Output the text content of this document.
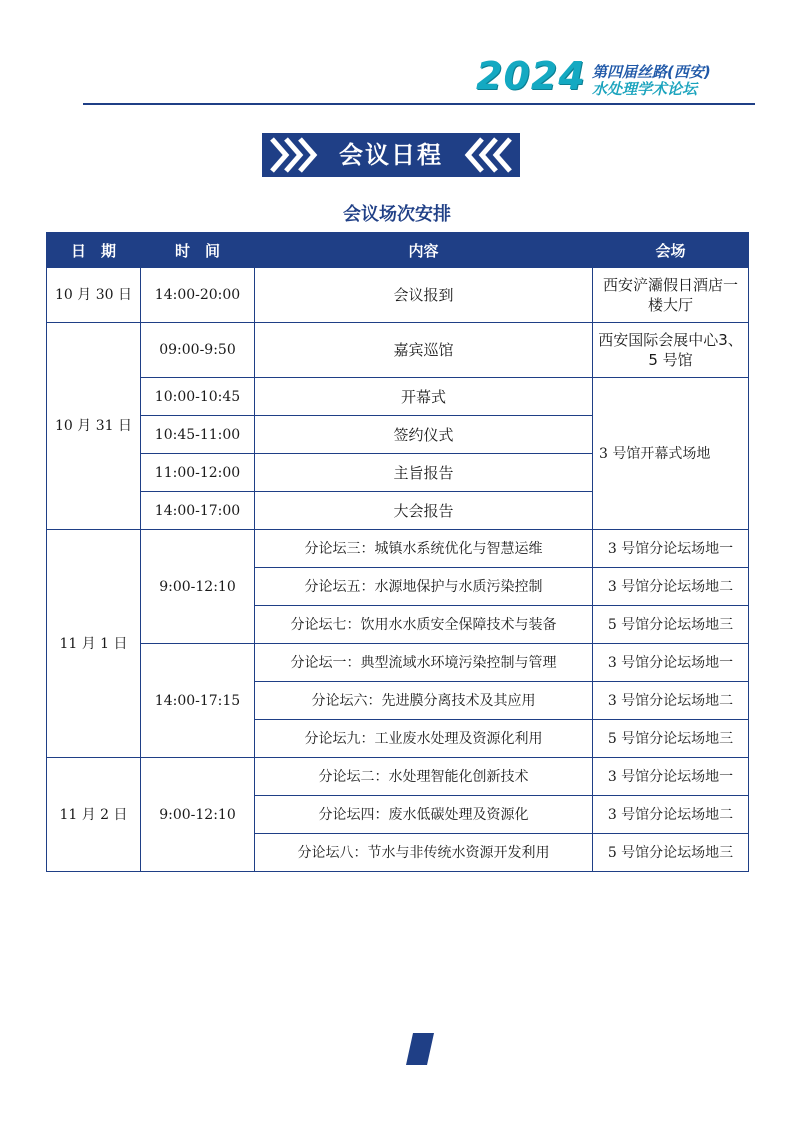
2024 第四届丝路(西安)
水处理学术论坛
会议日程
会议场次安排
日　期	时　间	内容	会场
10 月 30 日	14:00-20:00	会议报到	西安浐灞假日酒店一楼大厅
10 月 31 日	09:00-9:50	嘉宾巡馆	西安国际会展中心3、5 号馆
	10:00-10:45	开幕式	3 号馆开幕式场地
	10:45-11:00	签约仪式	
	11:00-12:00	主旨报告	
	14:00-17:00	大会报告	
11 月 1 日	9:00-12:10	分论坛三：城镇水系统优化与智慧运维	3 号馆分论坛场地一
		分论坛五：水源地保护与水质污染控制	3 号馆分论坛场地二
		分论坛七：饮用水水质安全保障技术与装备	5 号馆分论坛场地三
	14:00-17:15	分论坛一：典型流域水环境污染控制与管理	3 号馆分论坛场地一
		分论坛六：先进膜分离技术及其应用	3 号馆分论坛场地二
		分论坛九：工业废水处理及资源化利用	5 号馆分论坛场地三
11 月 2 日	9:00-12:10	分论坛二：水处理智能化创新技术	3 号馆分论坛场地一
		分论坛四：废水低碳处理及资源化	3 号馆分论坛场地二
		分论坛八：节水与非传统水资源开发利用	5 号馆分论坛场地三
